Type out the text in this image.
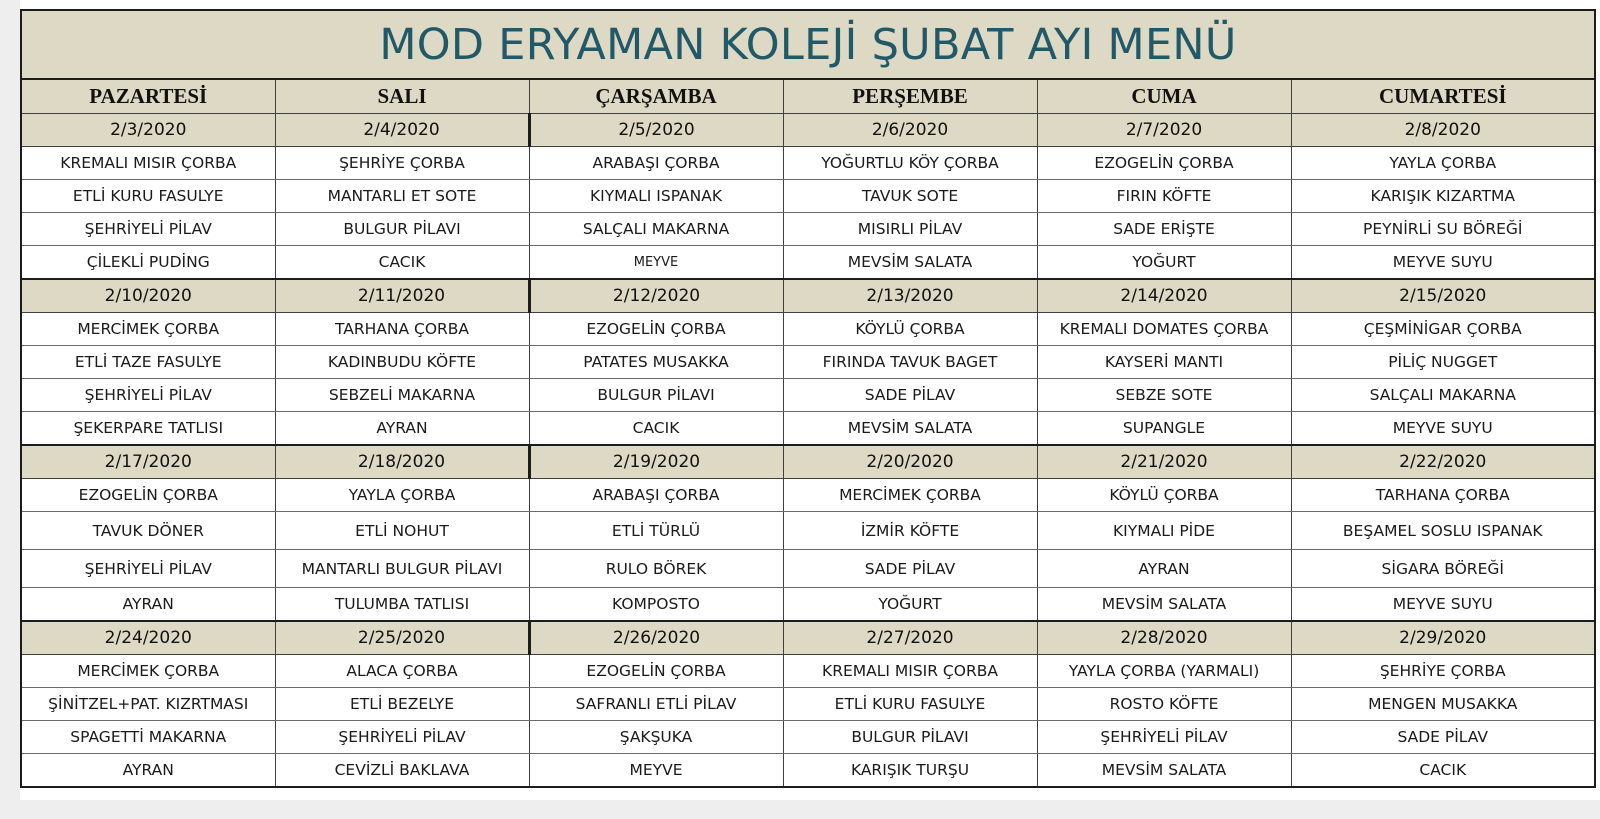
MOD ERYAMAN KOLEJİ ŞUBAT AYI MENÜ
PAZARTESİ	SALI	ÇARŞAMBA	PERŞEMBE	CUMA	CUMARTESİ
2/3/2020	2/4/2020	2/5/2020	2/6/2020	2/7/2020	2/8/2020
KREMALI MISIR ÇORBA	ŞEHRİYE ÇORBA	ARABAŞI ÇORBA	YOĞURTLU KÖY ÇORBA	EZOGELİN ÇORBA	YAYLA ÇORBA
ETLİ KURU FASULYE	MANTARLI ET SOTE	KIYMALI ISPANAK	TAVUK SOTE	FIRIN KÖFTE	KARIŞIK KIZARTMA
ŞEHRİYELİ PİLAV	BULGUR PİLAVI	SALÇALI MAKARNA	MISIRLI PİLAV	SADE ERİŞTE	PEYNİRLİ SU BÖREĞİ
ÇİLEKLİ PUDİNG	CACIK	MEYVE	MEVSİM SALATA	YOĞURT	MEYVE SUYU
2/10/2020	2/11/2020	2/12/2020	2/13/2020	2/14/2020	2/15/2020
MERCİMEK ÇORBA	TARHANA ÇORBA	EZOGELİN ÇORBA	KÖYLÜ ÇORBA	KREMALI DOMATES ÇORBA	ÇEŞMİNİGAR ÇORBA
ETLİ TAZE FASULYE	KADINBUDU KÖFTE	PATATES MUSAKKA	FIRINDA TAVUK BAGET	KAYSERİ MANTI	PİLİÇ NUGGET
ŞEHRİYELİ PİLAV	SEBZELİ MAKARNA	BULGUR PİLAVI	SADE PİLAV	SEBZE SOTE	SALÇALI MAKARNA
ŞEKERPARE TATLISI	AYRAN	CACIK	MEVSİM SALATA	SUPANGLE	MEYVE SUYU
2/17/2020	2/18/2020	2/19/2020	2/20/2020	2/21/2020	2/22/2020
EZOGELİN ÇORBA	YAYLA ÇORBA	ARABAŞI ÇORBA	MERCİMEK ÇORBA	KÖYLÜ ÇORBA	TARHANA ÇORBA
TAVUK DÖNER	ETLİ NOHUT	ETLİ TÜRLÜ	İZMİR KÖFTE	KIYMALI PİDE	BEŞAMEL SOSLU ISPANAK
ŞEHRİYELİ PİLAV	MANTARLI BULGUR PİLAVI	RULO BÖREK	SADE PİLAV	AYRAN	SİGARA BÖREĞİ
AYRAN	TULUMBA TATLISI	KOMPOSTO	YOĞURT	MEVSİM SALATA	MEYVE SUYU
2/24/2020	2/25/2020	2/26/2020	2/27/2020	2/28/2020	2/29/2020
MERCİMEK ÇORBA	ALACA ÇORBA	EZOGELİN ÇORBA	KREMALI MISIR ÇORBA	YAYLA ÇORBA (YARMALI)	ŞEHRİYE ÇORBA
ŞİNİTZEL+PAT. KIZRTMASI	ETLİ BEZELYE	SAFRANLI ETLİ PİLAV	ETLİ KURU FASULYE	ROSTO KÖFTE	MENGEN MUSAKKA
SPAGETTİ MAKARNA	ŞEHRİYELİ PİLAV	ŞAKŞUKA	BULGUR PİLAVI	ŞEHRİYELİ PİLAV	SADE PİLAV
AYRAN	CEVİZLİ BAKLAVA	MEYVE	KARIŞIK TURŞU	MEVSİM SALATA	CACIK
